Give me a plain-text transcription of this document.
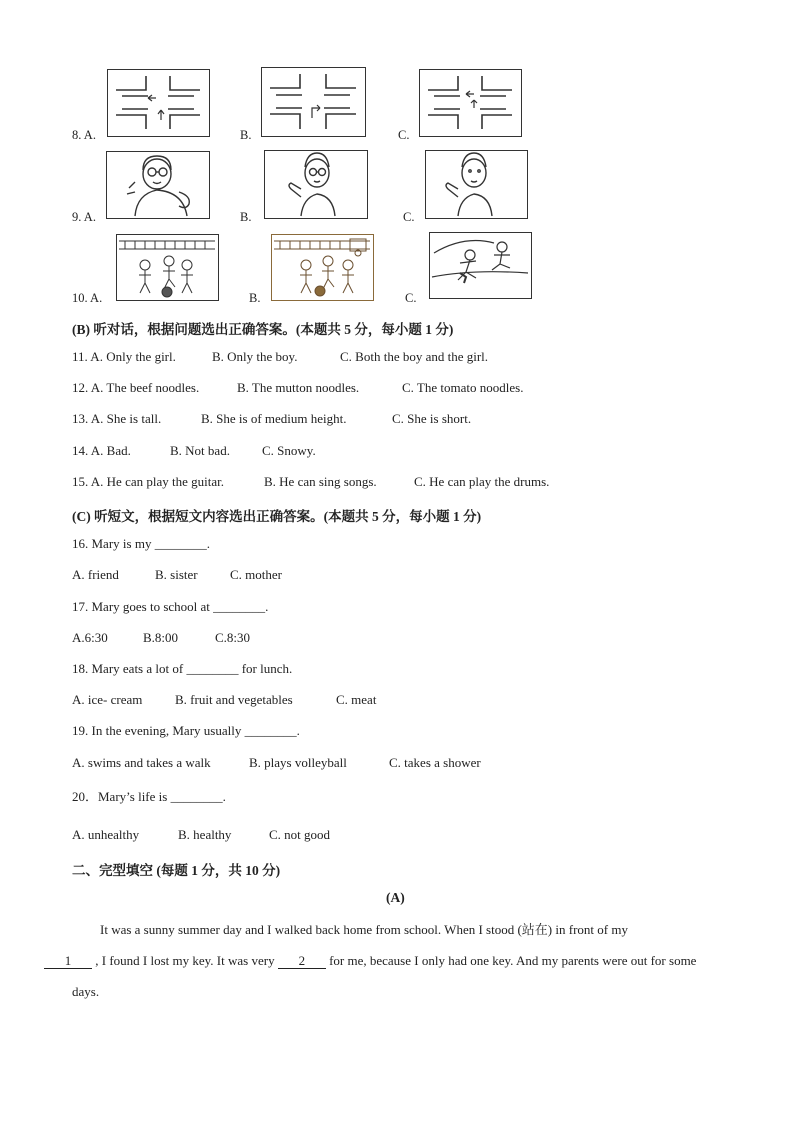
8. A.	B.	C.
9. A.	B.	C.
10. A.	B.	C.
(B) 听对话，根据问题选出正确答案。(本题共 5 分，每小题 1 分)
11. A. Only the girl.	B. Only the boy.	C. Both the boy and the girl.
12. A. The beef noodles.	B. The mutton noodles.	C. The tomato noodles.
13. A. She is tall.	B. She is of medium height.	C. She is short.
14. A. Bad.	B. Not bad. C. Snowy.
15. A. He can play the guitar.	B. He can sing songs.	C. He can play the drums.
(C) 听短文，根据短文内容选出正确答案。(本题共 5 分，每小题 1 分)
16. Mary is my ________.
A. friend	B. sister C. mother
17. Mary goes to school at ________.
A.6:30	B.8:00	C.8:30
18. Mary eats a lot of ________ for lunch.
A. ice- cream	B. fruit and vegetables	C. meat
19. In the evening, Mary usually ________.
A. swims and takes a walk	B. plays volleyball	C. takes a shower
20．Mary’s life is ________.
A. unhealthy	B. healthy	C. not good
二、完型填空 (每题 1 分，共 10 分)
(A)
It was a sunny summer day and I walked back home from school. When I stood (站在) in front of my
1 , I found I lost my key. It was very 2 for me, because I only had one key. And my parents were out for some days.
